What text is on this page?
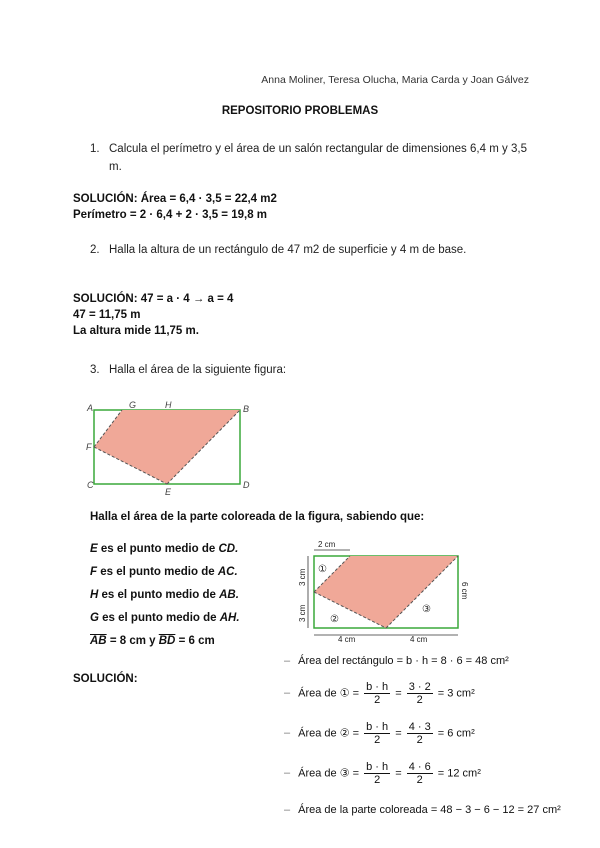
Anna Moliner, Teresa Olucha, Maria Carda y Joan Gálvez
REPOSITORIO PROBLEMAS
1. Calcula el perímetro y el área de un salón rectangular de dimensiones 6,4 m y 3,5 m.
SOLUCIÓN: Área = 6,4 · 3,5 = 22,4 m2
Perímetro = 2 · 6,4 + 2 · 3,5 = 19,8 m
2. Halla la altura de un rectángulo de 47 m2 de superficie y 4 m de base.
SOLUCIÓN: 47 = a · 4 → a = 4
47 = 11,75 m
La altura mide 11,75 m.
3. Halla el área de la siguiente figura:
A	G	H	B
F
C
E
D
Halla el área de la parte coloreada de la figura, sabiendo que:
E es el punto medio de CD.
F es el punto medio de AC.
H es el punto medio de AB.
G es el punto medio de AH.
$\overline{AB} = 8$ cm y $\overline{BD} = 6$ cm
2 cm
3 cm
3 cm
6 cm
4 cm	4 cm
①
②
③
SOLUCIÓN:
– Área del rectángulo = b · h = 8 · 6 = 48 cm²
– Área de ① = $\frac{b \cdot h}{2} = \frac{3 \cdot 2}{2} = 3$ cm²
– Área de ② = $\frac{b \cdot h}{2} = \frac{4 \cdot 3}{2} = 6$ cm²
– Área de ③ = $\frac{b \cdot h}{2} = \frac{4 \cdot 6}{2} = 12$ cm²
– Área de la parte coloreada = 48 − 3 − 6 − 12 = 27 cm²
